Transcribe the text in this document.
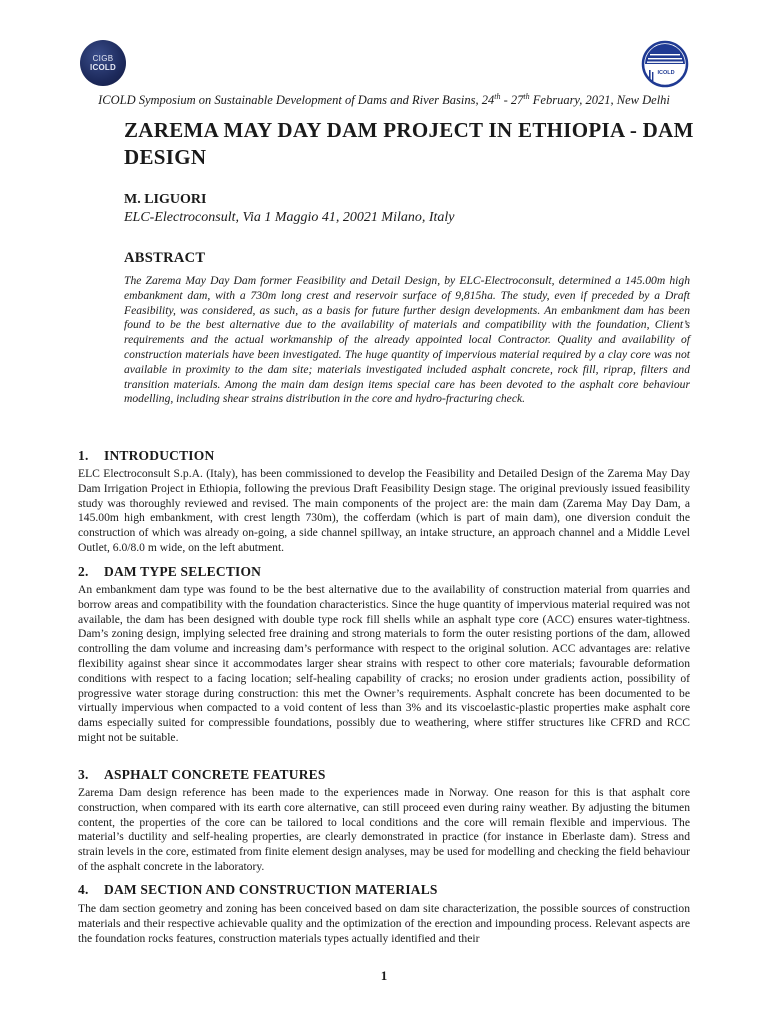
CIGB
ICOLD
ICOLD
ICOLD Symposium on Sustainable Development of Dams and River Basins, 24th - 27th February, 2021, New Delhi
ZAREMA MAY DAY DAM PROJECT IN ETHIOPIA - DAM DESIGN
M. LIGUORI
ELC-Electroconsult, Via 1 Maggio 41, 20021 Milano, Italy
ABSTRACT

The Zarema May Day Dam former Feasibility and Detail Design, by ELC-Electroconsult, determined a 145.00m high embankment dam, with a 730m long crest and reservoir surface of 9,815ha. The study, even if preceded by a Draft Feasibility, was considered, as such, as a basis for future further design developments. An embankment dam has been found to be the best alternative due to the availability of materials and compatibility with the foundation, Client’s requirements and the actual workmanship of the already appointed local Contractor. Quality and availability of construction materials have been investigated. The huge quantity of impervious material required by a clay core was not available in proximity to the dam site; materials investigated included asphalt concrete, rock fill, riprap, filters and transition materials. Among the main dam design items special care has been devoted to the asphalt core behaviour modelling, including shear strains distribution in the core and hydro-fracturing check.

1.	INTRODUCTION

ELC Electroconsult S.p.A. (Italy), has been commissioned to develop the Feasibility and Detailed Design of the Zarema May Day Dam Irrigation Project in Ethiopia, following the previous Draft Feasibility Design stage. The original previously issued feasibility study was thoroughly reviewed and revised. The main components of the project are: the main dam (Zarema May Day Dam, a 145.00m high embankment, with crest length 730m), the cofferdam (which is part of main dam), one diversion conduit the construction of which was already on-going, a side channel spillway, an intake structure, an approach channel and a Middle Level Outlet, 6.0/8.0 m wide, on the left abutment.

2.	DAM TYPE SELECTION

An embankment dam type was found to be the best alternative due to the availability of construction material from quarries and borrow areas and compatibility with the foundation characteristics. Since the huge quantity of impervious material required was not available, the dam has been designed with double type rock fill shells while an asphalt type core (ACC) ensures water-tightness. Dam’s zoning design, implying selected free draining and strong materials to form the outer resisting portions of the dam, allowed controlling the dam volume and increasing dam’s performance with respect to the original solution. ACC advantages are: relative flexibility against shear since it accommodates larger shear strains with respect to other core materials; favourable deformation conditions with respect to a facing location; self-healing capability of cracks; no erosion under gradients action, possibility of progressive water storage during construction: this met the Owner’s requirements. Asphalt concrete has been documented to be virtually impervious when compacted to a void content of less than 3% and its viscoelastic-plastic properties make asphalt core dams especially suited for compressible foundations, possibly due to weathering, where stiffer structures like CFRD and RCC might not be suitable.

3.	ASPHALT CONCRETE FEATURES

Zarema Dam design reference has been made to the experiences made in Norway. One reason for this is that asphalt core construction, when compared with its earth core alternative, can still proceed even during rainy weather. By adjusting the bitumen content, the properties of the core can be tailored to local conditions and the core will remain flexible and impervious. The material’s ductility and self-healing properties, are clearly demonstrated in practice (for instance in Eberlaste dam). Stress and strain levels in the core, estimated from finite element design analyses, may be used for modelling and checking the field behaviour of the asphalt concrete in the laboratory.

4.	DAM SECTION AND CONSTRUCTION MATERIALS

The dam section geometry and zoning has been conceived based on dam site characterization, the possible sources of construction materials and their respective achievable quality and the optimization of the erection and impounding process. Relevant aspects are the foundation rocks features, construction materials types actually identified and their

1
